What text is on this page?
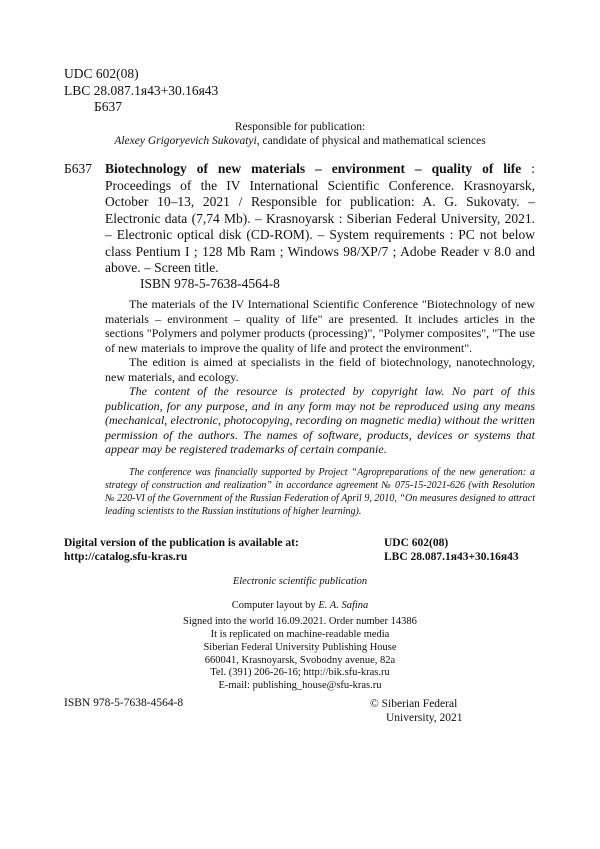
UDC 602(08)
LBC 28.087.1я43+30.16я43
Б637
Responsible for publication:
Alexey Grigoryevich Sukovatyi, candidate of physical and mathematical sciences
Б637 Biotechnology of new materials – environment – quality of life : Proceedings of the IV International Scientific Conference. Krasnoyarsk, October 10–13, 2021 / Responsible for publication: A. G. Sukovaty. – Electronic data (7,74 Mb). – Krasnoyarsk : Siberian Federal University, 2021. – Electronic optical disk (CD-ROM). – System requirements : PC not below class Pentium I ; 128 Mb Ram ; Windows 98/XP/7 ; Adobe Reader v 8.0 and above. – Screen title.
ISBN 978-5-7638-4564-8

The materials of the IV International Scientific Conference "Biotechnology of new materials – environment – quality of life" are presented. It includes articles in the sections "Polymers and polymer products (processing)", "Polymer composites", "The use of new materials to improve the quality of life and protect the environment".

The edition is aimed at specialists in the field of biotechnology, nanotechnology, new materials, and ecology.

The content of the resource is protected by copyright law. No part of this publication, for any purpose, and in any form may not be reproduced using any means (mechanical, electronic, photocopying, recording on magnetic media) without the written permission of the authors. The names of software, products, devices or systems that appear may be registered trademarks of certain companie.

The conference was financially supported by Project “Agropreparations of the new generation: a strategy of construction and realization” in accordance agreement № 075-15-2021-626 (with Resolution № 220-VI of the Government of the Russian Federation of April 9, 2010, “On measures designed to attract leading scientists to the Russian institutions of higher learning).

Digital version of the publication is available at:
http://catalog.sfu-kras.ru
UDC 602(08)
LBC 28.087.1я43+30.16я43
Electronic scientific publication
Computer layout by E. A. Safina
Signed into the world 16.09.2021. Order number 14386
It is replicated on machine-readable media
Siberian Federal University Publishing House
660041, Krasnoyarsk, Svobodny avenue, 82a
Tel. (391) 206-26-16; http://bik.sfu-kras.ru
E-mail: publishing_house@sfu-kras.ru
ISBN 978-5-7638-4564-8	© Siberian Federal
University, 2021
